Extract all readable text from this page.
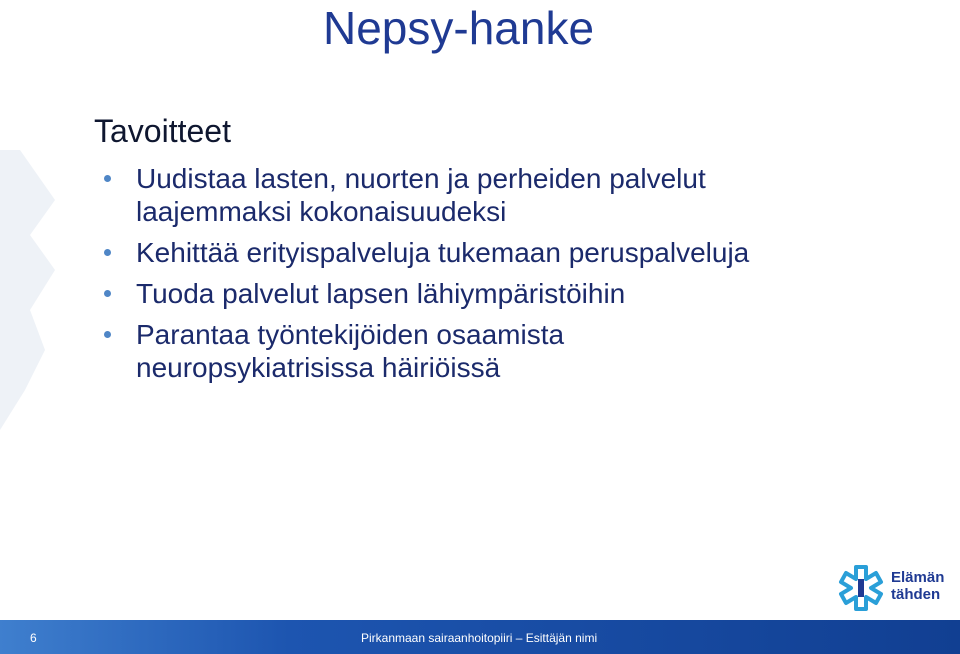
Nepsy-hanke
Tavoitteet
Uudistaa lasten, nuorten ja perheiden palvelut
laajemmaksi kokonaisuudeksi
Kehittää erityispalveluja tukemaan peruspalveluja
Tuoda palvelut lapsen lähiympäristöihin
Parantaa työntekijöiden osaamista
neuropsykiatrisissa häiriöissä
Elämän
tähden
6	Pirkanmaan sairaanhoitopiiri – Esittäjän nimi
